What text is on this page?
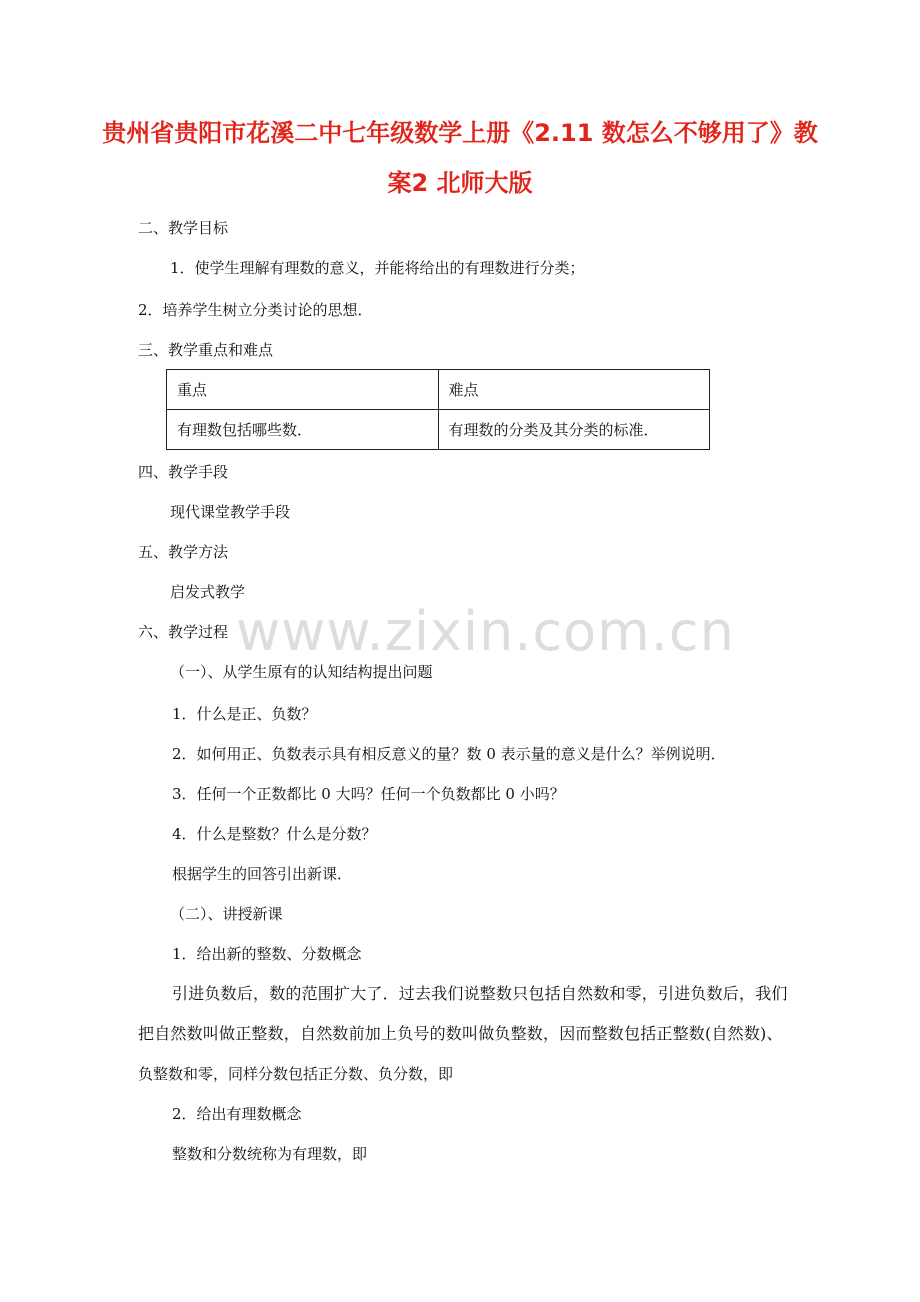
贵州省贵阳市花溪二中七年级数学上册《2.11 数怎么不够用了》教
案2 北师大版
二、教学目标
1．使学生理解有理数的意义，并能将给出的有理数进行分类；
2．培养学生树立分类讨论的思想．
三、教学重点和难点
重点	难点
有理数包括哪些数．	有理数的分类及其分类的标准．
四、教学手段
现代课堂教学手段
五、教学方法
启发式教学
六、教学过程
（一）、从学生原有的认知结构提出问题
1．什么是正、负数？
2．如何用正、负数表示具有相反意义的量？数 0 表示量的意义是什么？举例说明．
3．任何一个正数都比 0 大吗？任何一个负数都比 0 小吗？
4．什么是整数？什么是分数？
根据学生的回答引出新课．
（二）、讲授新课
1．给出新的整数、分数概念
引进负数后，数的范围扩大了．过去我们说整数只包括自然数和零，引进负数后，我们
把自然数叫做正整数，自然数前加上负号的数叫做负整数，因而整数包括正整数(自然数)、
负整数和零，同样分数包括正分数、负分数，即
2．给出有理数概念
整数和分数统称为有理数，即
www.zixin.com.cn
